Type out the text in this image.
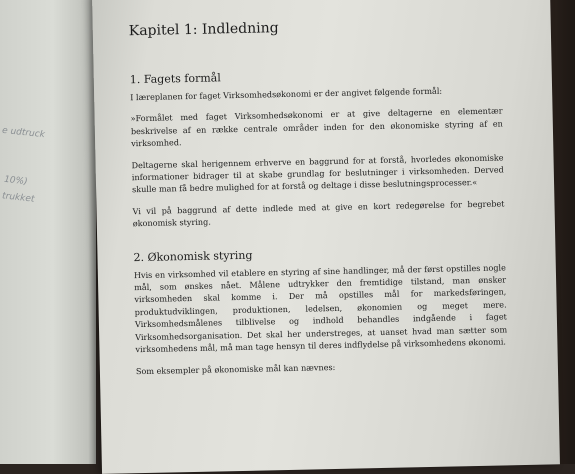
e udtruck
10%)
trukket
Kapitel 1: Indledning
1. Fagets formål

I læreplanen for faget Virksomhedsøkonomi er der angivet følgende formål:

»Formålet med faget Virksomhedsøkonomi er at give deltagerne en elementær beskrivelse af en række centrale områder inden for den økonomiske styring af en virksomhed.

Deltagerne skal herigennem erhverve en baggrund for at forstå, hvorledes økonomiske informationer bidrager til at skabe grundlag for beslutninger i virksomheden. Derved skulle man få bedre mulighed for at forstå og deltage i disse beslutningsprocesser.«

Vi vil på baggrund af dette indlede med at give en kort redegørelse for begrebet økonomisk styring.

2. Økonomisk styring

Hvis en virksomhed vil etablere en styring af sine handlinger, må der først opstilles nogle mål, som ønskes nået. Målene udtrykker den fremtidige tilstand, man ønsker virksomheden skal komme i. Der må opstilles mål for markedsføringen, produktudviklingen, produktionen, ledelsen, økonomien og meget mere. Virksomhedsmålenes tilblivelse og indhold behandles indgående i faget Virksomhedsorganisation. Det skal her understreges, at uanset hvad man sætter som virksomhedens mål, må man tage hensyn til deres indflydelse på virksomhedens økonomi.

Som eksempler på økonomiske mål kan nævnes:
